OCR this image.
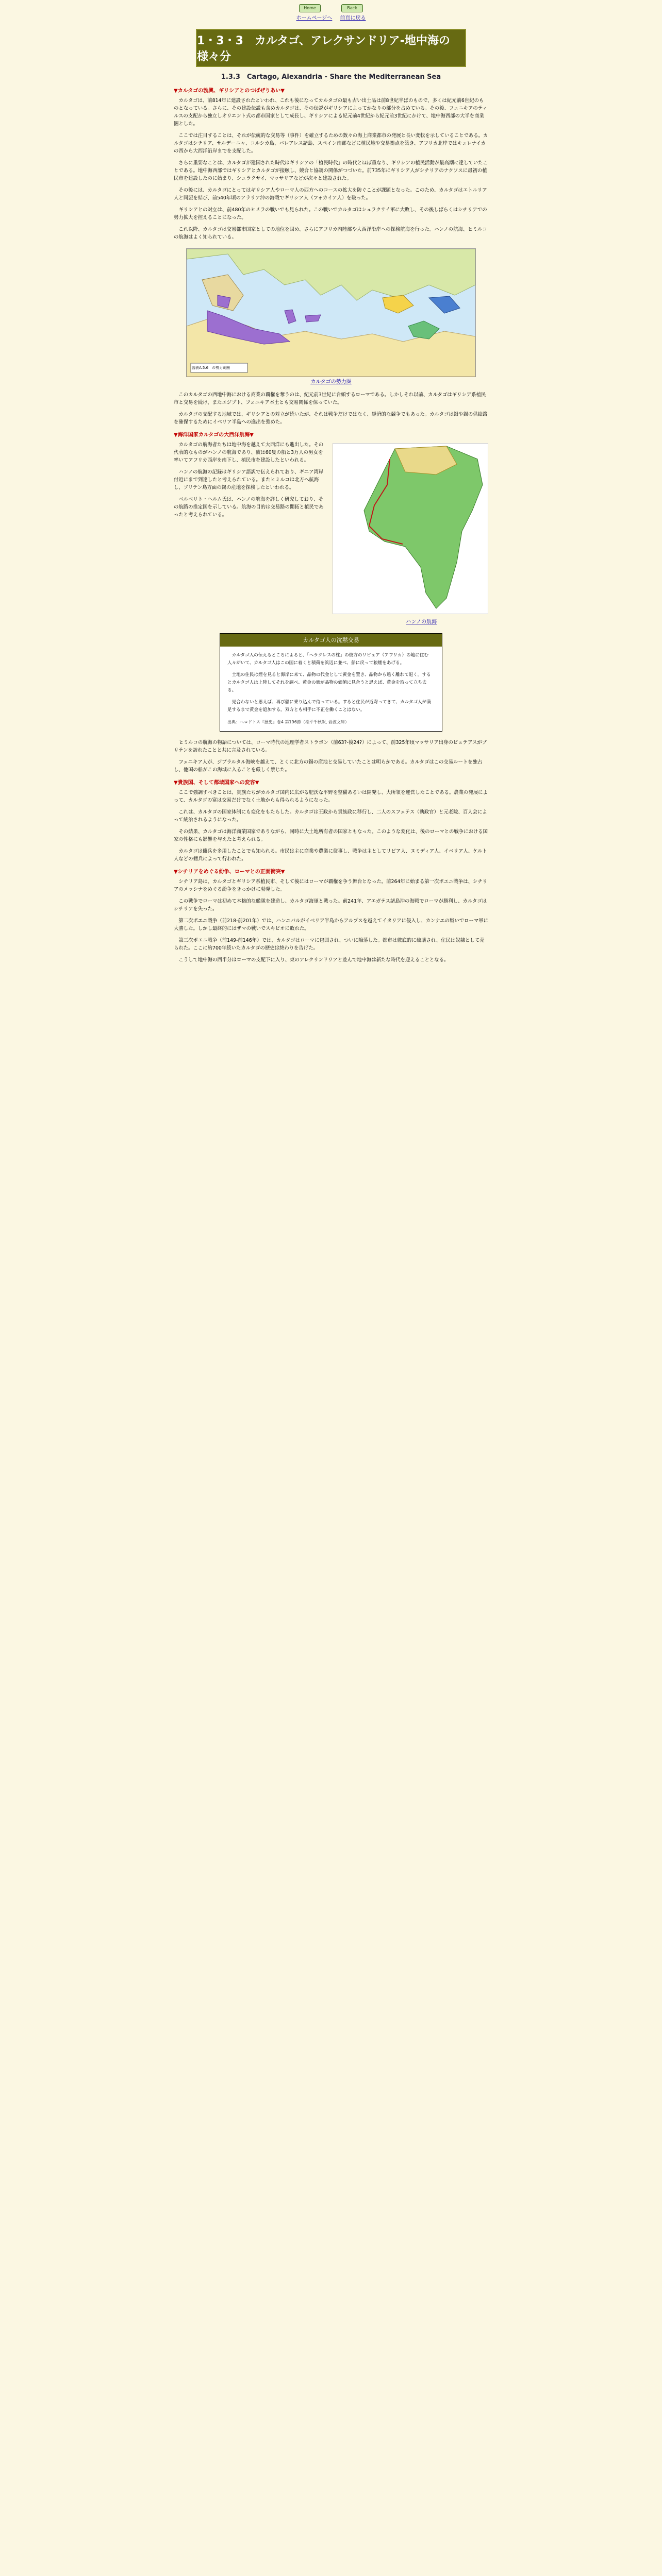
Home	Back
ホームページへ 前頁に戻る
1・3・3　カルタゴ、アレクサンドリア-地中海の様々分
1.3.3　Cartago, Alexandria - Share the Mediterranean Sea
▼カルタゴの勃興、ギリシアとのつばぜりあい▼

カルタゴは、前814年に建設されたといわれ、これも後になってカルタゴの最も古い出土品は前8世紀半ばのもので、多くは紀元前6世紀のものとなっている。さらに、その建設伝説も含めカルタゴは、その伝説がギリシアによってかなりの部分を占めている。その後、フェニキアのティルスの支配から独立しオリエント式の都市国家として成長し、ギリシアによる紀元前4世紀から紀元前3世紀にかけて、地中海西部の大半を商業圏とした。

ここでは注目することは、それが伝統的な交易等（事件）を確立するための数々の海上商業都市の発展と長い変転を示していることである。カルタゴはシチリア、サルデーニャ、コルシカ島、バレアレス諸島、スペイン南部などに植民地や交易拠点を築き、アフリカ北岸ではキュレナイカの西から大西洋沿岸までを支配した。

さらに重要なことは、カルタゴが建国された時代はギリシアの「植民時代」の時代とほぼ重なり、ギリシアの植民活動が最高潮に達していたことである。地中海西部ではギリシアとカルタゴが接触し、競合と協調の関係がつづいた。前735年にギリシア人がシチリアのナクソスに最初の植民市を建設したのに始まり、シュラクサイ、マッサリアなどが次々と建設された。

その後には、カルタゴにとってはギリシア人やローマ人の西方へのコースの拡大を防ぐことが課題となった。このため、カルタゴはエトルリア人と同盟を結び、前540年頃のアラリア沖の海戦でギリシア人（フォカイア人）を破った。

ギリシアとの対立は、前480年のヒメラの戦いでも見られた。この戦いでカルタゴはシュラクサイ軍に大敗し、その後しばらくはシチリアでの勢力拡大を控えることになった。

これ以降、カルタゴは交易都市国家としての地位を固め、さらにアフリカ内陸部や大西洋沿岸への探検航海を行った。ハンノの航海、ヒミルコの航海はよく知られている。

図表A.5.6　の勢力範囲
カルタゴの勢力圏

このカルタゴの西地中海における商業の覇権を奪うのは、紀元前3世紀に台頭するローマである。しかしそれ以前、カルタゴはギリシア系植民市と交易を続け、またエジプト、フェニキア本土とも交易関係を保っていた。

カルタゴの支配する地域では、ギリシアとの対立が続いたが、それは戦争だけではなく、経済的な競争でもあった。カルタゴは銀や錫の供給路を確保するためにイベリア半島への進出を強めた。

▼海洋国家カルタゴの大西洋航海▼

カルタゴの航海者たちは地中海を越えて大西洋にも進出した。その代表的なものがハンノの航海であり、彼は60隻の船と3万人の男女を率いてアフリカ西岸を南下し、植民市を建設したといわれる。

ハンノの航海の記録はギリシア語訳で伝えられており、ギニア湾岸付近にまで到達したと考えられている。またヒミルコは北方へ航海し、ブリテン島方面の錫の産地を探検したといわれる。

ベルベリト・ヘルム氏は、ハンノの航海を詳しく研究しており、その航路の推定図を示している。航海の目的は交易路の開拓と植民であったと考えられている。

ハンノの航海
カルタゴ人の沈黙交易

カルタゴ人の伝えるところによると、「ヘラクレスの柱」の彼方のリビュア（アフリカ）の地に住む人々がいて、カルタゴ人はこの国に着くと積荷を浜辺に並べ、船に戻って狼煙をあげる。

土地の住民は煙を見ると海岸に来て、品物の代金として黄金を置き、品物から遠く離れて退く。するとカルタゴ人は上陸してそれを調べ、黄金の量が品物の価値に見合うと思えば、黄金を取って立ち去る。

見合わないと思えば、再び船に乗り込んで待っている。すると住民が近寄ってきて、カルタゴ人が満足するまで黄金を追加する。双方とも相手に不正を働くことはない。

出典：ヘロドトス『歴史』巻4 第196節（松平千秋訳, 岩波文庫）

ヒミルコの航海の物語については、ローマ時代の地理学者ストラボン（前63?-後24?）によって、前325年頃マッサリア出身のピュテアスがブリテンを訪れたことと共に言及されている。

フェニキア人が、ジブラルタル海峡を越えて、とくに北方の錫の産地と交易していたことは明らかである。カルタゴはこの交易ルートを独占し、他国の船がこの海域に入ることを厳しく禁じた。

▼貴族国、そして都域国家への変容▼

ここで強調すべきことは、貴族たちがカルタゴ国内に広がる肥沃な平野を整備あるいは開発し、大所領を運営したことである。農業の発展によって、カルタゴの富は交易だけでなく土地からも得られるようになった。

これは、カルタゴの国家体制にも変化をもたらした。カルタゴは王政から貴族政に移行し、二人のスフェテス（執政官）と元老院、百人会によって統治されるようになった。

その結果、カルタゴは海洋商業国家でありながら、同時に大土地所有者の国家ともなった。このような変化は、後のローマとの戦争における国家の性格にも影響を与えたと考えられる。

カルタゴは傭兵を多用したことでも知られる。市民は主に商業や農業に従事し、戦争は主としてリビア人、ヌミディア人、イベリア人、ケルト人などの傭兵によって行われた。

▼シチリアをめぐる紛争、ローマとの正面衝突▼

シチリア島は、カルタゴとギリシア系植民市、そして後にはローマが覇権を争う舞台となった。前264年に始まる第一次ポエニ戦争は、シチリアのメッシナをめぐる紛争をきっかけに勃発した。

この戦争でローマは初めて本格的な艦隊を建造し、カルタゴ海軍と戦った。前241年、アエガテス諸島沖の海戦でローマが勝利し、カルタゴはシチリアを失った。

第二次ポエニ戦争（前218-前201年）では、ハンニバルがイベリア半島からアルプスを越えてイタリアに侵入し、カンナエの戦いでローマ軍に大勝した。しかし最終的にはザマの戦いでスキピオに敗れた。

第三次ポエニ戦争（前149-前146年）では、カルタゴはローマに包囲され、ついに陥落した。都市は徹底的に破壊され、住民は奴隷として売られた。ここに約700年続いたカルタゴの歴史は終わりを告げた。

こうして地中海の西半分はローマの支配下に入り、東のアレクサンドリアと並んで地中海は新たな時代を迎えることとなる。
